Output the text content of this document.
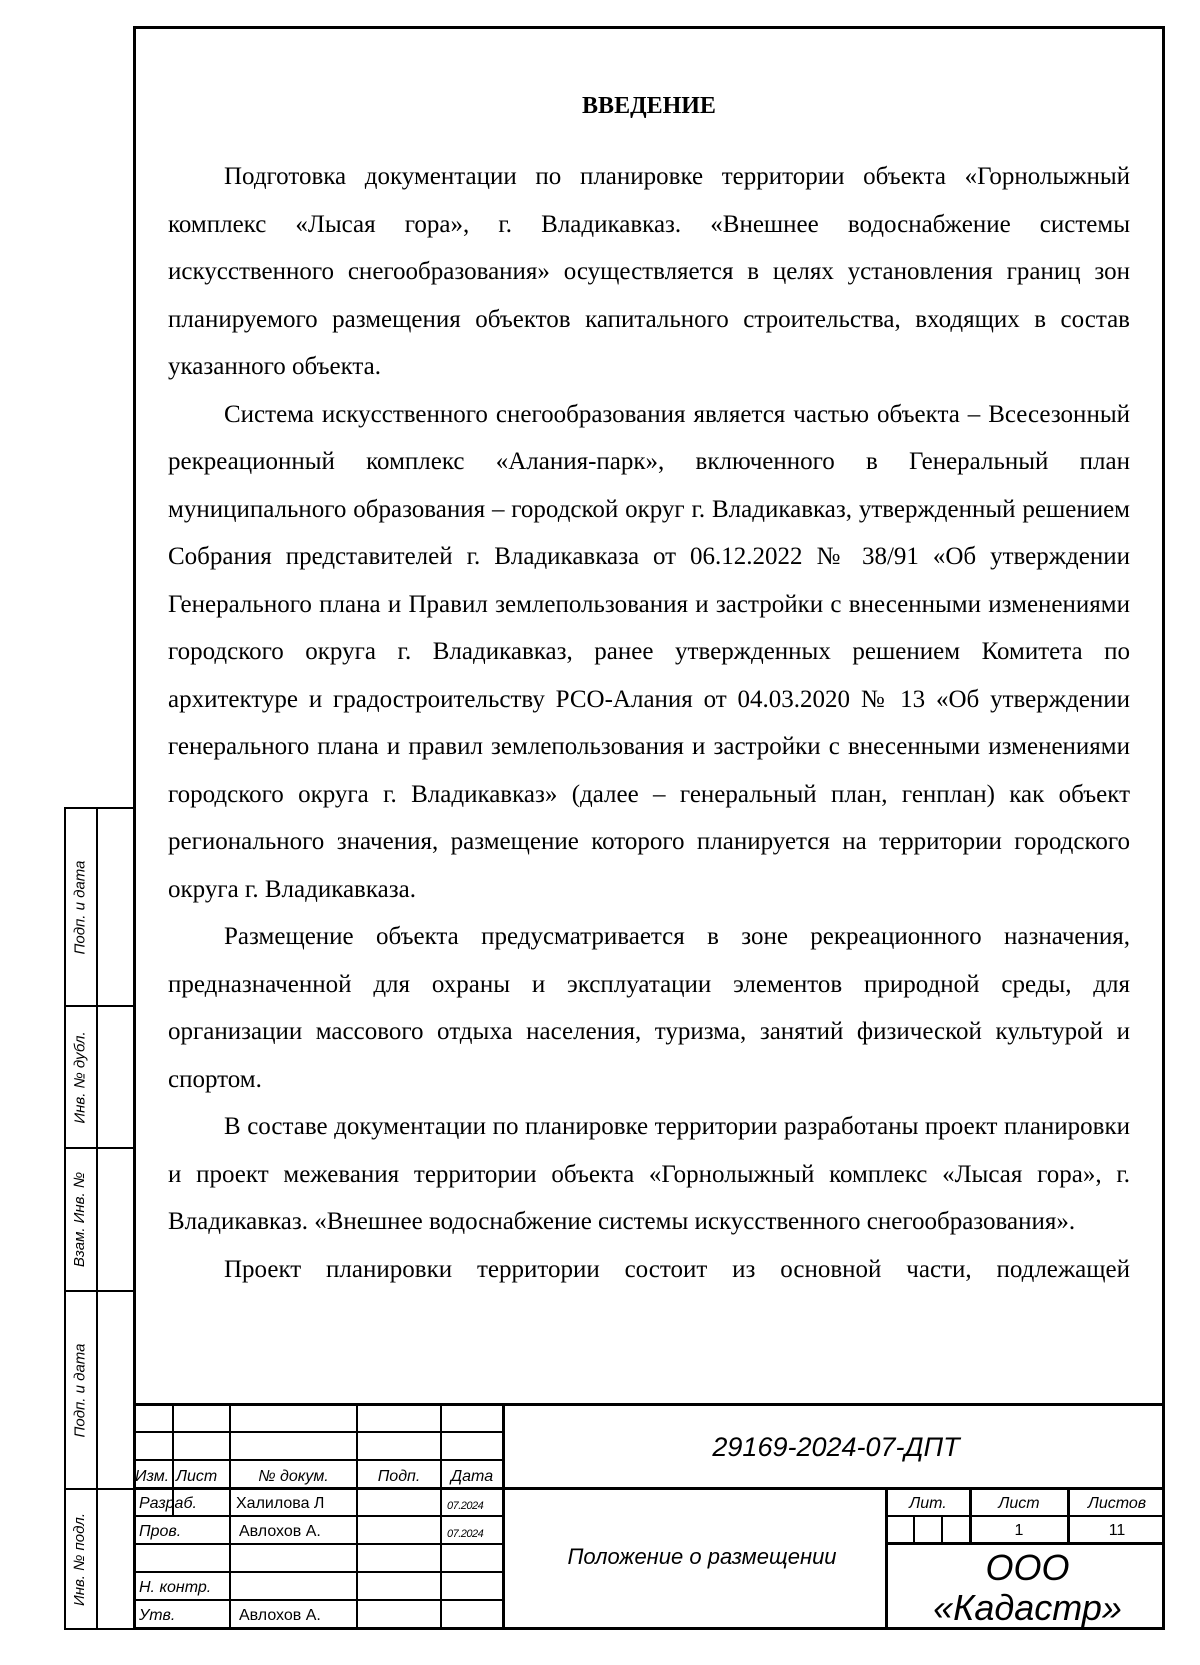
ВВЕДЕНИЕ

Подготовка документации по планировке территории объекта «Горнолыжный комплекс «Лысая гора», г. Владикавказ. «Внешнее водоснабжение системы искусственного снегообразования» осуществляется в целях установления границ зон планируемого размещения объектов капитального строительства, входящих в состав указанного объекта.

Система искусственного снегообразования является частью объекта – Всесезонный рекреационный комплекс «Алания-парк», включенного в Генеральный план муниципального образования – городской округ г. Владикавказ, утвержденный решением Собрания представителей г. Владикавказа от 06.12.2022 № 38/91 «Об утверждении Генерального плана и Правил землепользования и застройки с внесенными изменениями городского округа г. Владикавказ, ранее утвержденных решением Комитета по архитектуре и градостроительству РСО-Алания от 04.03.2020 № 13 «Об утверждении генерального плана и правил землепользования и застройки с внесенными изменениями городского округа г. Владикавказ» (далее – генеральный план, генплан) как объект регионального значения, размещение которого планируется на территории городского округа г. Владикавказа.

Размещение объекта предусматривается в зоне рекреационного назначения, предназначенной для охраны и эксплуатации элементов природной среды, для организации массового отдыха населения, туризма, занятий физической культурой и спортом.

В составе документации по планировке территории разработаны проект планировки и проект межевания территории объекта «Горнолыжный комплекс «Лысая гора», г. Владикавказ. «Внешнее водоснабжение системы искусственного снегообразования».

Проект планировки территории состоит из основной части, подлежащей

Подп. и дата
Инв. № дубл.
Взам. Инв. №
Подп. и дата
Инв. № подл.
Изм. Лист	№ докум.	Подп.	Дата
Разраб. Халилова Л	07.2024
Пров.	Авлохов А.	07.2024
Н. контр.
Утв.	Авлохов А.
29169-2024-07-ДПТ
Положение о размещении
Лит.	Лист	Листов
1	11
ООО
«Кадастр»
